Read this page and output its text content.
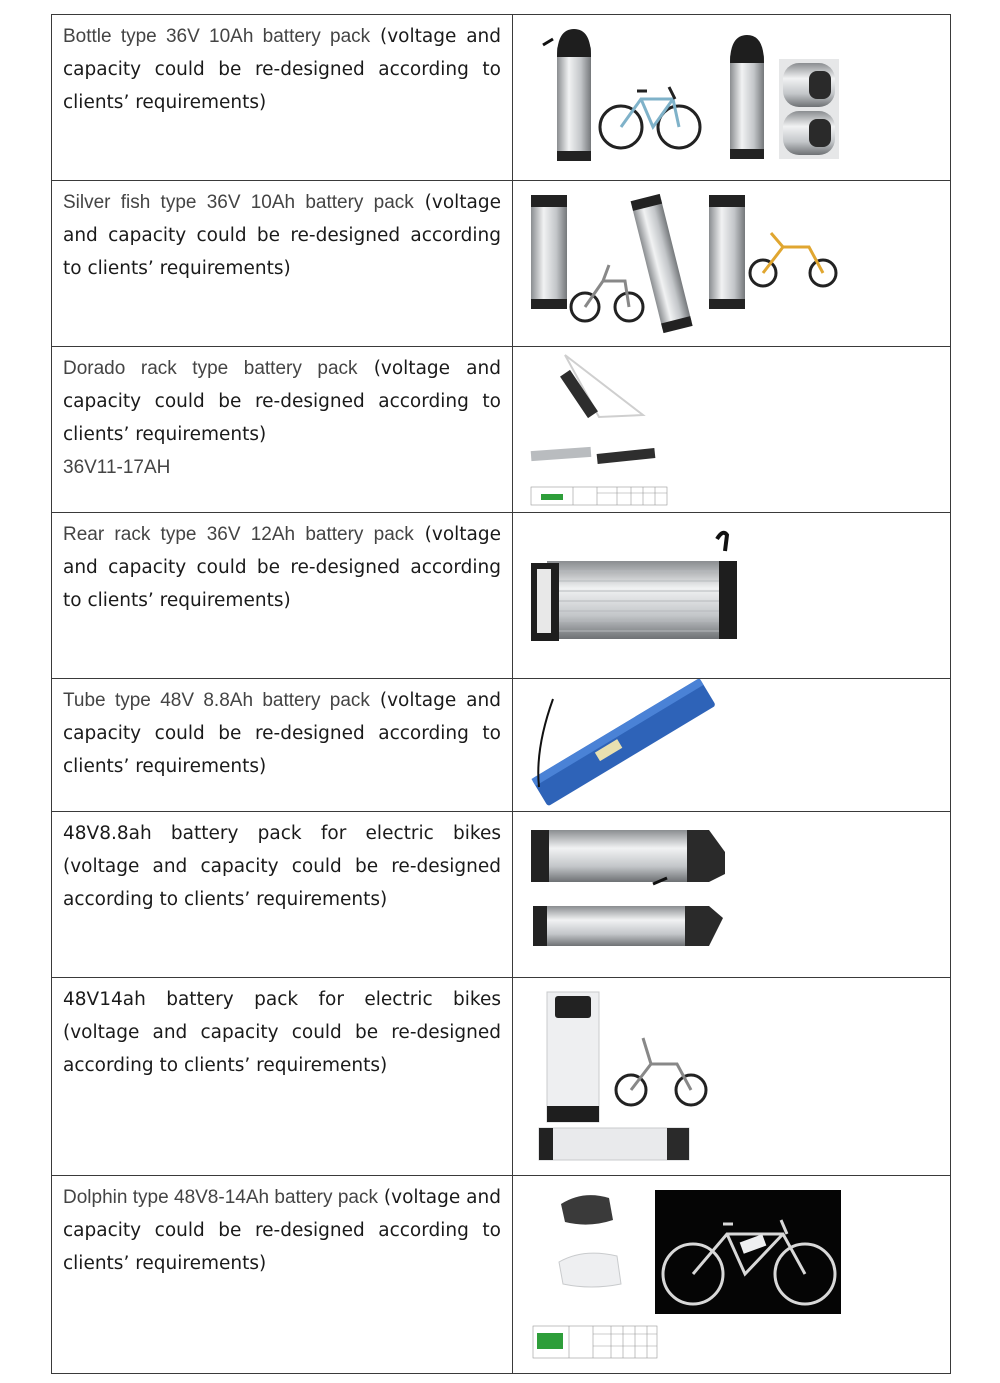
Bottle type 36V 10Ah battery pack (voltage and capacity could be re-designed according to clients’ requirements)

Silver fish type 36V 10Ah battery pack (voltage and capacity could be re-designed according to clients’ requirements)

Dorado rack type battery pack (voltage and capacity could be re-designed according to clients’ requirements)
36V11-17AH

Rear rack type 36V 12Ah battery pack (voltage and capacity could be re-designed according to clients’ requirements)

Tube type 48V 8.8Ah battery pack (voltage and capacity could be re-designed according to clients’ requirements)

48V8.8ah battery pack for electric bikes (voltage and capacity could be re-designed according to clients’ requirements)

48V14ah battery pack for electric bikes (voltage and capacity could be re-designed according to clients’ requirements)

Dolphin type 48V8-14Ah battery pack (voltage and capacity could be re-designed according to clients’ requirements)
